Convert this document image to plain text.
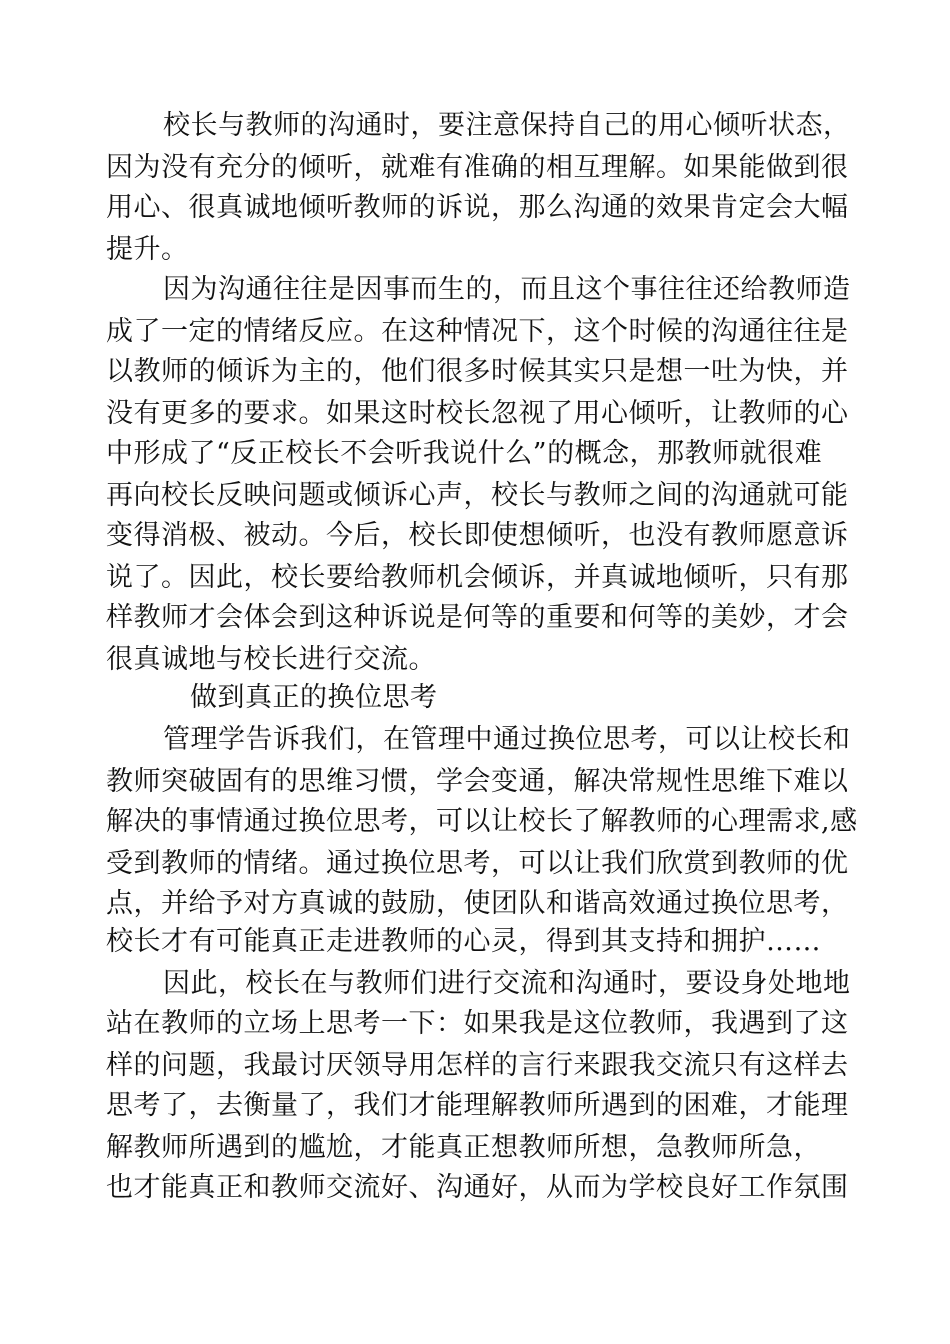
校长与教师的沟通时，要注意保持自己的用心倾听状态，
因为没有充分的倾听，就难有准确的相互理解。如果能做到很
用心、很真诚地倾听教师的诉说，那么沟通的效果肯定会大幅
提升。
因为沟通往往是因事而生的，而且这个事往往还给教师造
成了一定的情绪反应。在这种情况下，这个时候的沟通往往是
以教师的倾诉为主的，他们很多时候其实只是想一吐为快，并
没有更多的要求。如果这时校长忽视了用心倾听，让教师的心
中形成了“反正校长不会听我说什么”的概念，那教师就很难
再向校长反映问题或倾诉心声，校长与教师之间的沟通就可能
变得消极、被动。今后，校长即使想倾听，也没有教师愿意诉
说了。因此，校长要给教师机会倾诉，并真诚地倾听，只有那
样教师才会体会到这种诉说是何等的重要和何等的美妙，才会
很真诚地与校长进行交流。
做到真正的换位思考
管理学告诉我们，在管理中通过换位思考，可以让校长和
教师突破固有的思维习惯，学会变通，解决常规性思维下难以
解决的事情通过换位思考，可以让校长了解教师的心理需求,感
受到教师的情绪。通过换位思考，可以让我们欣赏到教师的优
点，并给予对方真诚的鼓励，使团队和谐高效通过换位思考，
校长才有可能真正走进教师的心灵，得到其支持和拥护……
因此，校长在与教师们进行交流和沟通时，要设身处地地
站在教师的立场上思考一下：如果我是这位教师，我遇到了这
样的问题，我最讨厌领导用怎样的言行来跟我交流只有这样去
思考了，去衡量了，我们才能理解教师所遇到的困难，才能理
解教师所遇到的尴尬，才能真正想教师所想，急教师所急，
也才能真正和教师交流好、沟通好，从而为学校良好工作氛围
